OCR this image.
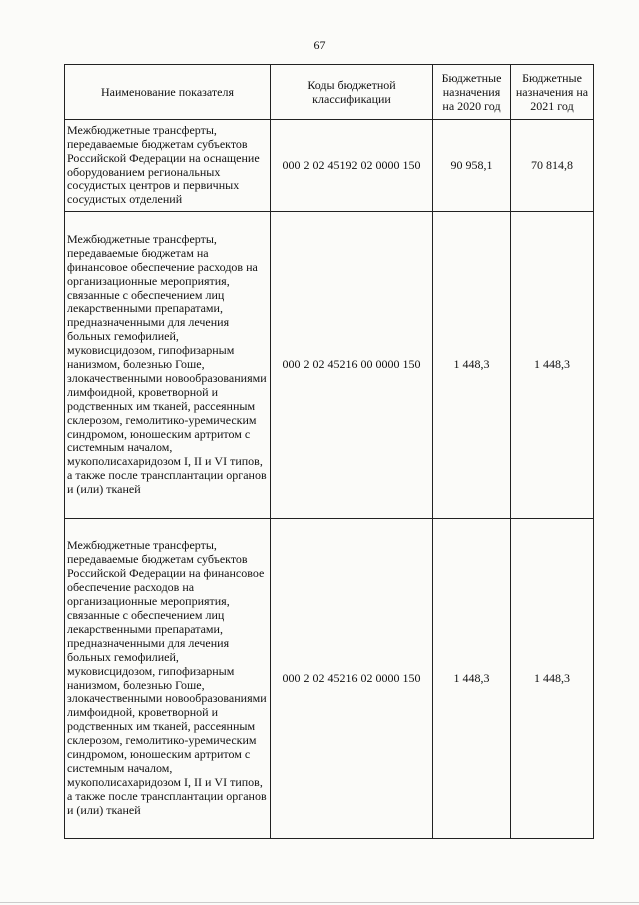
67
Наименование показателя	Коды бюджетной классификации	Бюджетные назначения на 2020 год	Бюджетные назначения на 2021 год
Межбюджетные трансферты, передаваемые бюджетам субъектов Российской Федерации на оснащение оборудованием региональных сосудистых центров и первичных сосудистых отделений	000 2 02 45192 02 0000 150	90 958,1	70 814,8
Межбюджетные трансферты, передаваемые бюджетам на финансовое обеспечение расходов на организационные мероприятия, связанные с обеспечением лиц лекарственными препаратами, предназначенными для лечения больных гемофилией, муковисцидозом, гипофизарным нанизмом, болезнью Гоше, злокачественными новообразованиями лимфоидной, кроветворной и родственных им тканей, рассеянным склерозом, гемолитико-уремическим синдромом, юношеским артритом с системным началом, мукополисахаридозом I, II и VI типов, а также после трансплантации органов и (или) тканей	000 2 02 45216 00 0000 150	1 448,3	1 448,3
Межбюджетные трансферты, передаваемые бюджетам субъектов Российской Федерации на финансовое обеспечение расходов на организационные мероприятия, связанные с обеспечением лиц лекарственными препаратами, предназначенными для лечения больных гемофилией, муковисцидозом, гипофизарным нанизмом, болезнью Гоше, злокачественными новообразованиями лимфоидной, кроветворной и родственных им тканей, рассеянным склерозом, гемолитико-уремическим синдромом, юношеским артритом с системным началом, мукополисахаридозом I, II и VI типов, а также после трансплантации органов и (или) тканей	000 2 02 45216 02 0000 150	1 448,3	1 448,3
